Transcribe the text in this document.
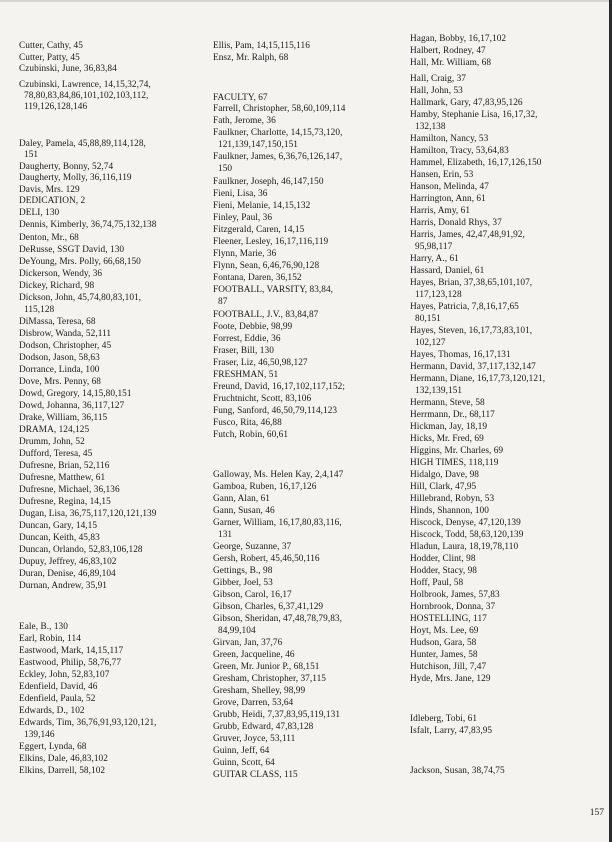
Cutter, Cathy, 45
Cutter, Patty, 45
Czubinski, June, 36,83,84
Czubinski, Lawrence, 14,15,32,74,
78,80,83,84,86,101,102,103,112,
119,126,128,146
Daley, Pamela, 45,88,89,114,128,
151
Daugherty, Bonny, 52,74
Daugherty, Molly, 36,116,119
Davis, Mrs. 129
DEDICATION, 2
DELI, 130
Dennis, Kimberly, 36,74,75,132,138
Denton, Mr., 68
DeRusse, SSGT David, 130
DeYoung, Mrs. Polly, 66,68,150
Dickerson, Wendy, 36
Dickey, Richard, 98
Dickson, John, 45,74,80,83,101,
115,128
DiMassa, Teresa, 68
Disbrow, Wanda, 52,111
Dodson, Christopher, 45
Dodson, Jason, 58,63
Dorrance, Linda, 100
Dove, Mrs. Penny, 68
Dowd, Gregory, 14,15,80,151
Dowd, Johanna, 36,117,127
Drake, William, 36,115
DRAMA, 124,125
Drumm, John, 52
Dufford, Teresa, 45
Dufresne, Brian, 52,116
Dufresne, Matthew, 61
Dufresne, Michael, 36,136
Dufresne, Regina, 14,15
Dugan, Lisa, 36,75,117,120,121,139
Duncan, Gary, 14,15
Duncan, Keith, 45,83
Duncan, Orlando, 52,83,106,128
Dupuy, Jeffrey, 46,83,102
Duran, Denise, 46,89,104
Durnan, Andrew, 35,91
Eale, B., 130
Earl, Robin, 114
Eastwood, Mark, 14,15,117
Eastwood, Philip, 58,76,77
Eckley, John, 52,83,107
Edenfield, David, 46
Edenfield, Paula, 52
Edwards, D., 102
Edwards, Tim, 36,76,91,93,120,121,
139,146
Eggert, Lynda, 68
Elkins, Dale, 46,83,102
Elkins, Darrell, 58,102
Ellis, Pam, 14,15,115,116
Ensz, Mr. Ralph, 68
FACULTY, 67
Farrell, Christopher, 58,60,109,114
Fath, Jerome, 36
Faulkner, Charlotte, 14,15,73,120,
121,139,147,150,151
Faulkner, James, 6,36,76,126,147,
150
Faulkner, Joseph, 46,147,150
Fieni, Lisa, 36
Fieni, Melanie, 14,15,132
Finley, Paul, 36
Fitzgerald, Caren, 14,15
Fleener, Lesley, 16,17,116,119
Flynn, Marie, 36
Flynn, Sean, 6,46,76,90,128
Fontana, Daren, 36,152
FOOTBALL, VARSITY, 83,84,
87
FOOTBALL, J.V., 83,84,87
Foote, Debbie, 98,99
Forrest, Eddie, 36
Fraser, Bill, 130
Fraser, Liz, 46,50,98,127
FRESHMAN, 51
Freund, David, 16,17,102,117,152;
Fruchtnicht, Scott, 83,106
Fung, Sanford, 46,50,79,114,123
Fusco, Rita, 46,88
Futch, Robin, 60,61
Galloway, Ms. Helen Kay, 2,4,147
Gamboa, Ruben, 16,17,126
Gann, Alan, 61
Gann, Susan, 46
Garner, William, 16,17,80,83,116,
131
George, Suzanne, 37
Gersh, Robert, 45,46,50,116
Gettings, B., 98
Gibber, Joel, 53
Gibson, Carol, 16,17
Gibson, Charles, 6,37,41,129
Gibson, Sheridan, 47,48,78,79,83,
84,99,104
Girvan, Jan, 37,76
Green, Jacqueline, 46
Green, Mr. Junior P., 68,151
Gresham, Christopher, 37,115
Gresham, Shelley, 98,99
Grove, Darren, 53,64
Grubb, Heidi, 7,37,83,95,119,131
Grubb, Edward, 47,83,128
Gruver, Joyce, 53,111
Guinn, Jeff, 64
Guinn, Scott, 64
GUITAR CLASS, 115
Hagan, Bobby, 16,17,102
Halbert, Rodney, 47
Hall, Mr. William, 68
Hall, Craig, 37
Hall, John, 53
Hallmark, Gary, 47,83,95,126
Hamby, Stephanie Lisa, 16,17,32,
132,138
Hamilton, Nancy, 53
Hamilton, Tracy, 53,64,83
Hammel, Elizabeth, 16,17,126,150
Hansen, Erin, 53
Hanson, Melinda, 47
Harrington, Ann, 61
Harris, Amy, 61
Harris, Donald Rhys, 37
Harris, James, 42,47,48,91,92,
95,98,117
Harry, A., 61
Hassard, Daniel, 61
Hayes, Brian, 37,38,65,101,107,
117,123,128
Hayes, Patricia, 7,8,16,17,65
80,151
Hayes, Steven, 16,17,73,83,101,
102,127
Hayes, Thomas, 16,17,131
Hermann, David, 37,117,132,147
Hermann, Diane, 16,17,73,120,121,
132,139,151
Hermann, Steve, 58
Herrmann, Dr., 68,117
Hickman, Jay, 18,19
Hicks, Mr. Fred, 69
Higgins, Mr. Charles, 69
HIGH TIMES, 118,119
Hidalgo, Dave, 98
Hill, Clark, 47,95
Hillebrand, Robyn, 53
Hinds, Shannon, 100
Hiscock, Denyse, 47,120,139
Hiscock, Todd, 58,63,120,139
Hladun, Laura, 18,19,78,110
Hodder, Clint, 98
Hodder, Stacy, 98
Hoff, Paul, 58
Holbrook, James, 57,83
Hornbrook, Donna, 37
HOSTELLING, 117
Hoyt, Ms. Lee, 69
Hudson, Gara, 58
Hunter, James, 58
Hutchison, Jill, 7,47
Hyde, Mrs. Jane, 129
Idleberg, Tobi, 61
Isfalt, Larry, 47,83,95
Jackson, Susan, 38,74,75
157
